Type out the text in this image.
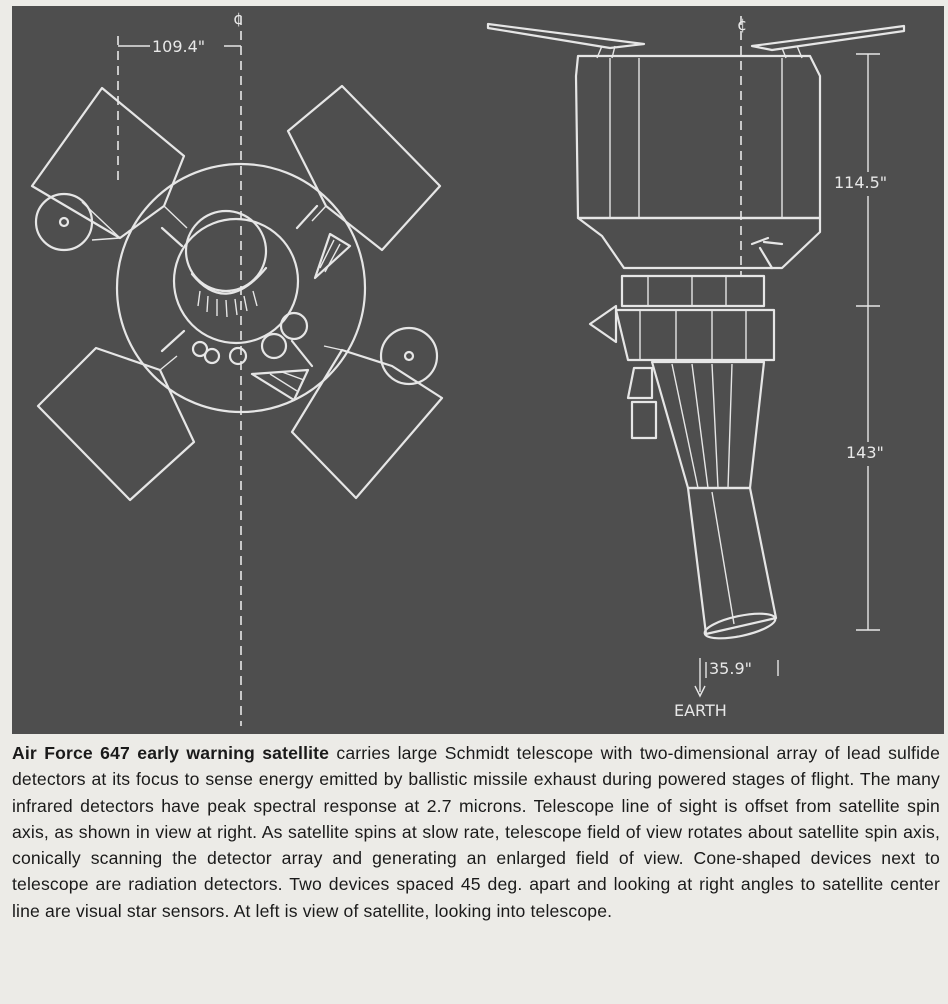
¢
109.4"
¢
114.5"
143"
35.9"
EARTH
Air Force 647 early warning satellite carries large Schmidt telescope with two-dimensional array of lead sulfide detectors at its focus to sense energy emitted by ballistic missile exhaust during powered stages of flight. The many infrared detectors have peak spectral response at 2.7 microns. Telescope line of sight is offset from satellite spin axis, as shown in view at right. As satellite spins at slow rate, telescope field of view rotates about satellite spin axis, conically scanning the detector array and generating an enlarged field of view. Cone-shaped devices next to telescope are radiation detectors. Two devices spaced 45 deg. apart and looking at right angles to satellite center line are visual star sensors. At left is view of satellite, looking into telescope.
